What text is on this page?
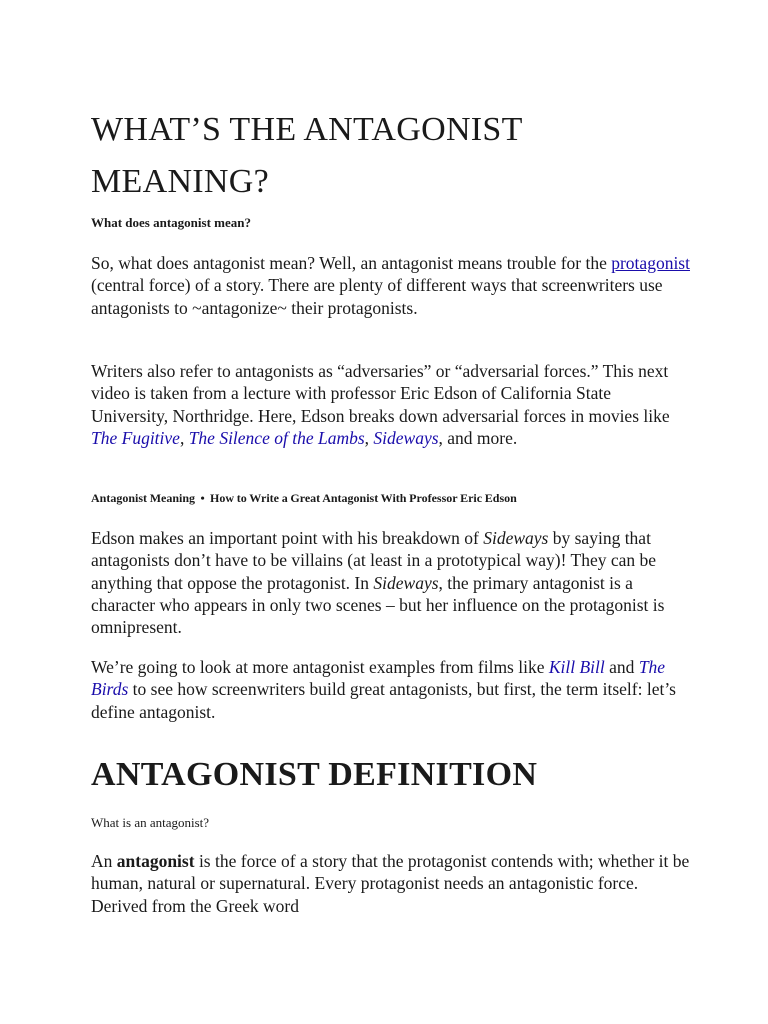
WHAT’S THE ANTAGONIST
MEANING?

What does antagonist mean?

So, what does antagonist mean? Well, an antagonist means trouble for the protagonist (central force) of a story. There are plenty of different ways that screenwriters use antagonists to ~antagonize~ their protagonists.

Writers also refer to antagonists as “adversaries” or “adversarial forces.” This next video is taken from a lecture with professor Eric Edson of California State University, Northridge. Here, Edson breaks down adversarial forces in movies like The Fugitive, The Silence of the Lambs, Sideways, and more.

Antagonist Meaning  •  How to Write a Great Antagonist With Professor Eric Edson

Edson makes an important point with his breakdown of Sideways by saying that antagonists don’t have to be villains (at least in a prototypical way)! They can be anything that oppose the protagonist. In Sideways, the primary antagonist is a character who appears in only two scenes – but her influence on the protagonist is omnipresent.

We’re going to look at more antagonist examples from films like Kill Bill and The Birds to see how screenwriters build great antagonists, but first, the term itself: let’s define antagonist.

ANTAGONIST DEFINITION

What is an antagonist?

An antagonist is the force of a story that the protagonist contends with; whether it be human, natural or supernatural. Every protagonist needs an antagonistic force. Derived from the Greek word
